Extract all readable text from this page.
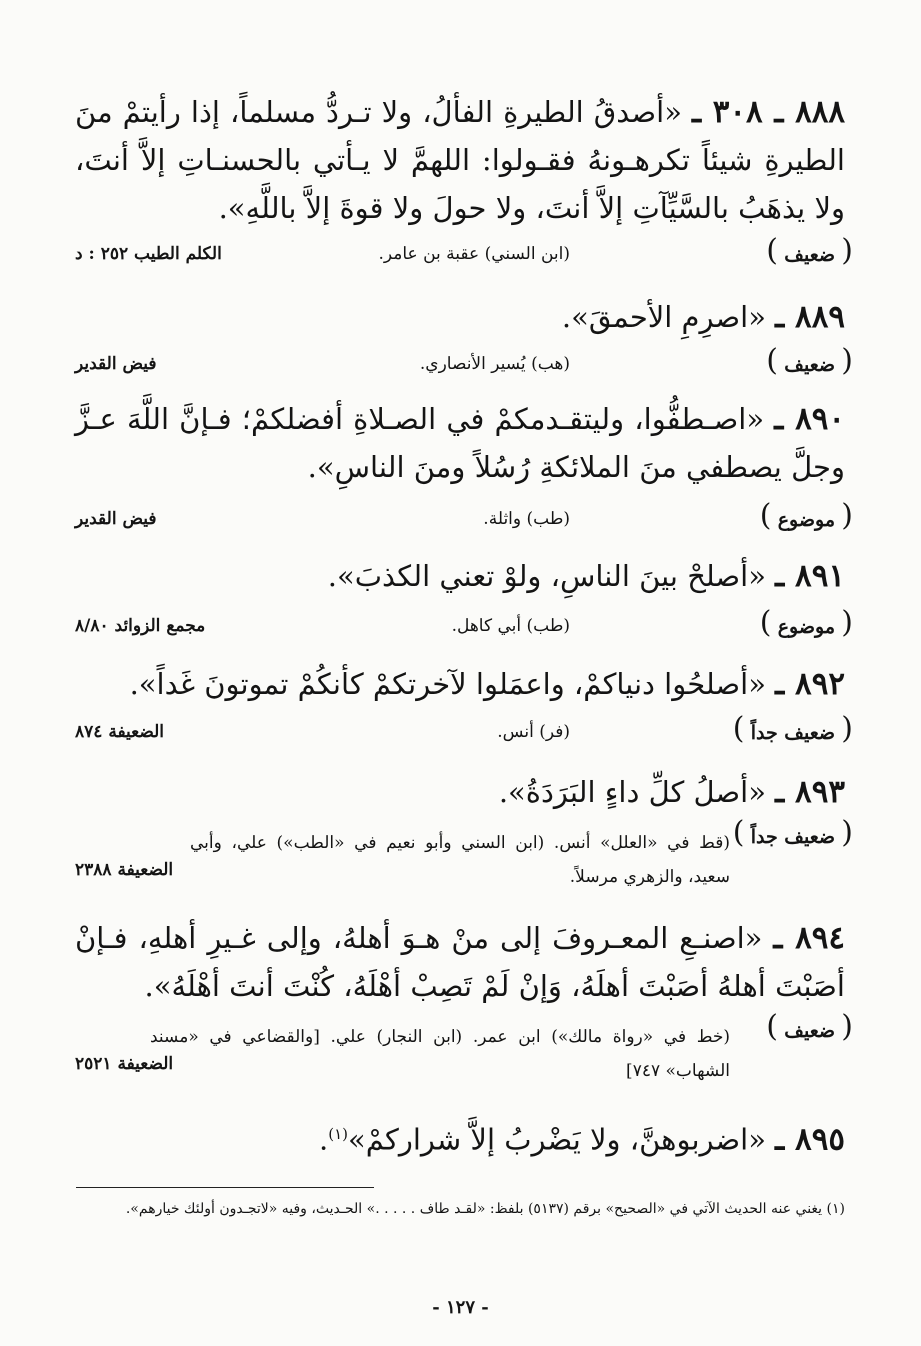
٨٨٨ ـ ٣٠٨ ـ «أصدقُ الطيرةِ الفألُ، ولا تـردُّ مسلماً، إذا رأيتمْ منَ الطيرةِ شيئاً تكرهـونهُ فقـولوا: اللهمَّ لا يـأتي بالحسنـاتِ إلاَّ أنتَ، ولا يذهَبُ بالسَّيِّآتِ إلاَّ أنتَ، ولا حولَ ولا قوةَ إلاَّ باللَّهِ».
( ضعيف )
(ابن السني) عقبة بن عامر.
الكلم الطيب ٢٥٢ : د
٨٨٩ ـ «اصرِمِ الأحمقَ».
( ضعيف )
(هب) يُسير الأنصاري.
فيض القدير
٨٩٠ ـ «اصـطفُّوا، وليتقـدمكمْ في الصـلاةِ أفضلكمْ؛ فـإنَّ اللَّهَ عـزَّ وجلَّ يصطفي منَ الملائكةِ رُسُلاً ومنَ الناسِ».
( موضوع )
(طب) واثلة.
فيض القدير
٨٩١ ـ «أصلحْ بينَ الناسِ، ولوْ تعني الكذبَ».
( موضوع )
(طب) أبي كاهل.
مجمع الزوائد ٨/٨٠
٨٩٢ ـ «أصلحُوا دنياكمْ، واعمَلوا لآخرتكمْ كأنكُمْ تموتونَ غَداً».
( ضعيف جداً )
(فر) أنس.
الضعيفة ٨٧٤
٨٩٣ ـ «أصلُ كلِّ داءٍ البَرَدَةُ».
( ضعيف جداً )
(قط في «العلل» أنس. (ابن السني وأبو نعيم في «الطب») علي، وأبي سعيد، والزهري مرسلاً.
الضعيفة ٢٣٨٨
٨٩٤ ـ «اصنـعِ المعـروفَ إلى منْ هـوَ أهلهُ، وإلى غـيرِ أهلهِ، فـإنْ أصَبْتَ أهلهُ أصَبْتَ أهلَهُ، وَإنْ لَمْ تَصِبْ أهْلَهُ، كُنْتَ أنتَ أهْلَهُ».
( ضعيف )
(خط في «رواة مالك») ابن عمر. (ابن النجار) علي. [والقضاعي في «مسند الشهاب» ٧٤٧]
الضعيفة ٢٥٢١
٨٩٥ ـ «اضربوهنَّ، ولا يَضْربُ إلاَّ شراركمْ»$^{(١)}$.
(١) يغني عنه الحديث الآتي في «الصحيح» برقم (٥١٣٧) بلفظ: «لقـد طاف . . . . .» الحـديث، وفيه «لاتجـدون أولئك خيارهم».
- ١٢٧ -
